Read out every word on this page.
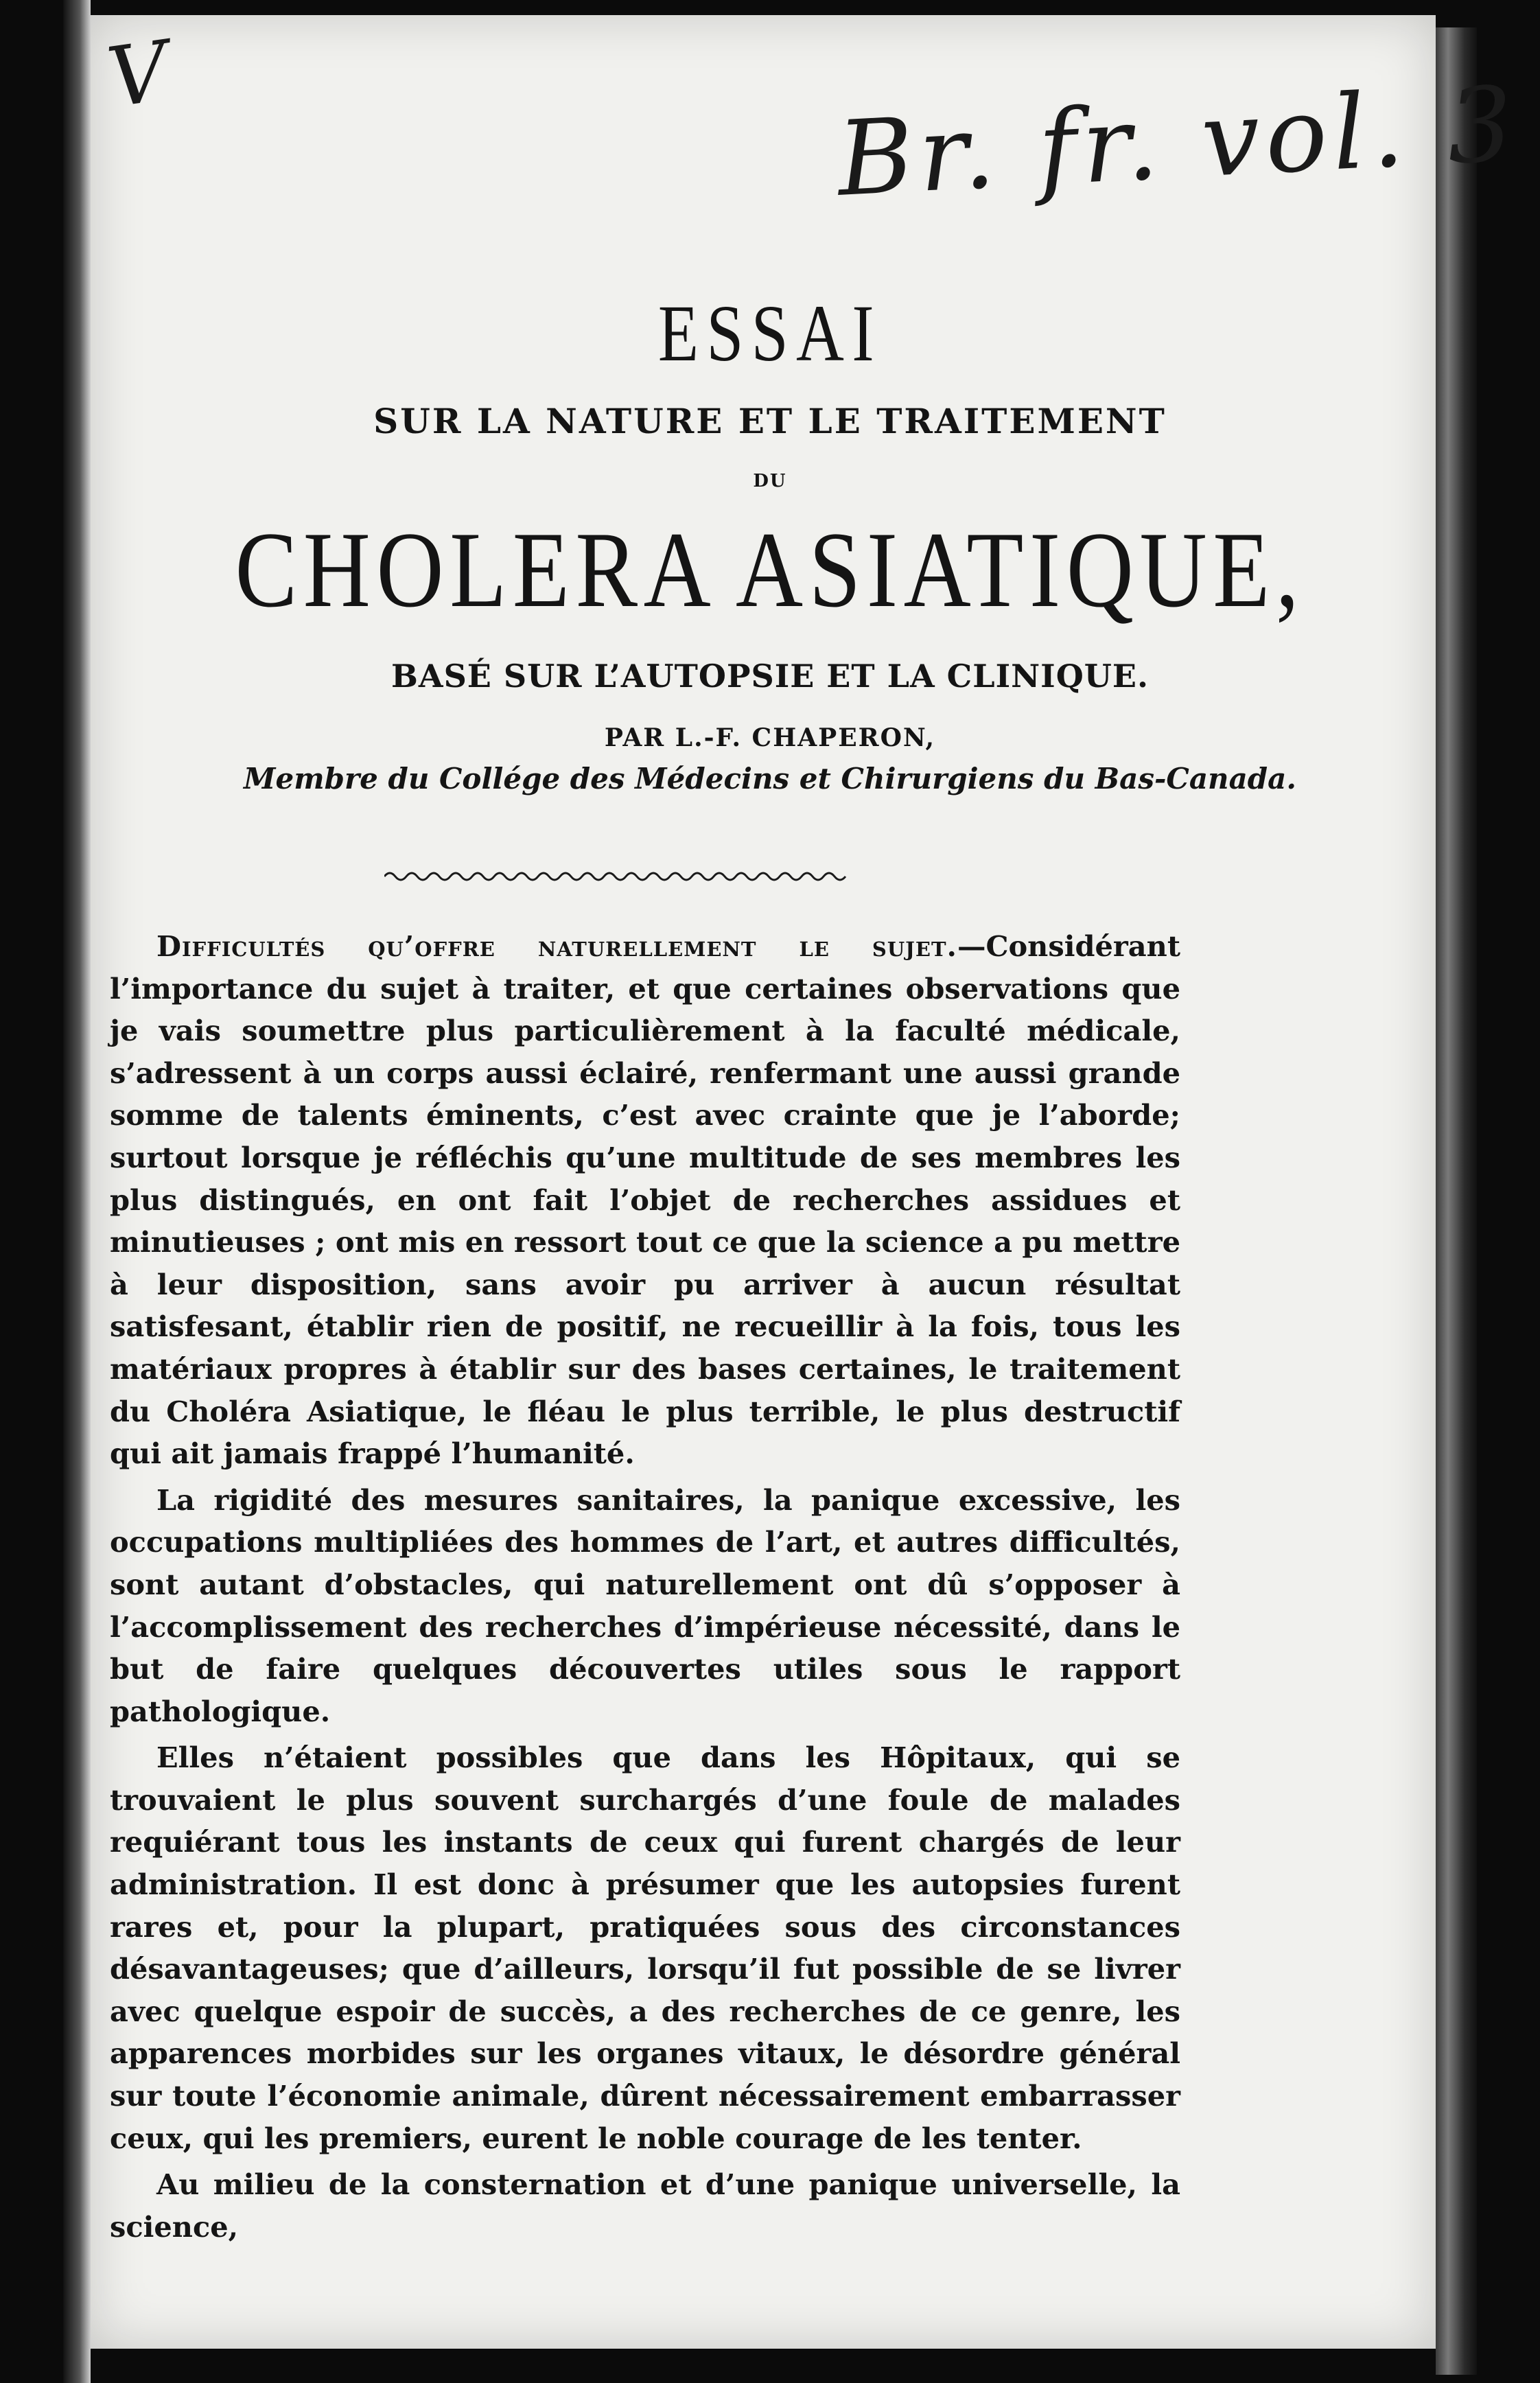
V	Br. fr. vol. 3
ESSAI
SUR LA NATURE ET LE TRAITEMENT
DU
CHOLERA ASIATIQUE,
BASÉ SUR L’AUTOPSIE ET LA CLINIQUE.
PAR L.-F. CHAPERON,
Membre du Collége des Médecins et Chirurgiens du Bas-Canada.

Difficultés qu’offre naturellement le sujet.—Considérant l’importance du sujet à traiter, et que certaines observations que je vais soumettre plus particulièrement à la faculté médicale, s’adressent à un corps aussi éclairé, renfermant une aussi grande somme de talents éminents, c’est avec crainte que je l’aborde; surtout lorsque je réfléchis qu’une multitude de ses membres les plus distingués, en ont fait l’objet de recherches assidues et minutieuses ; ont mis en ressort tout ce que la science a pu mettre à leur disposition, sans avoir pu arriver à aucun résultat satisfesant, établir rien de positif, ne recueillir à la fois, tous les matériaux propres à établir sur des bases certaines, le traitement du Choléra Asiatique, le fléau le plus terrible, le plus destructif qui ait jamais frappé l’humanité.

La rigidité des mesures sanitaires, la panique excessive, les occupations multipliées des hommes de l’art, et autres difficultés, sont autant d’obstacles, qui naturellement ont dû s’opposer à l’accomplissement des recherches d’impérieuse nécessité, dans le but de faire quelques découvertes utiles sous le rapport pathologique.

Elles n’étaient possibles que dans les Hôpitaux, qui se trouvaient le plus souvent surchargés d’une foule de malades requiérant tous les instants de ceux qui furent chargés de leur administration. Il est donc à présumer que les autopsies furent rares et, pour la plupart, pratiquées sous des circonstances désavantageuses; que d’ailleurs, lorsqu’il fut possible de se livrer avec quelque espoir de succès, a des recherches de ce genre, les apparences morbides sur les organes vitaux, le désordre général sur toute l’économie animale, dûrent nécessairement embarrasser ceux, qui les premiers, eurent le noble courage de les tenter.

Au milieu de la consternation et d’une panique universelle, la science,
